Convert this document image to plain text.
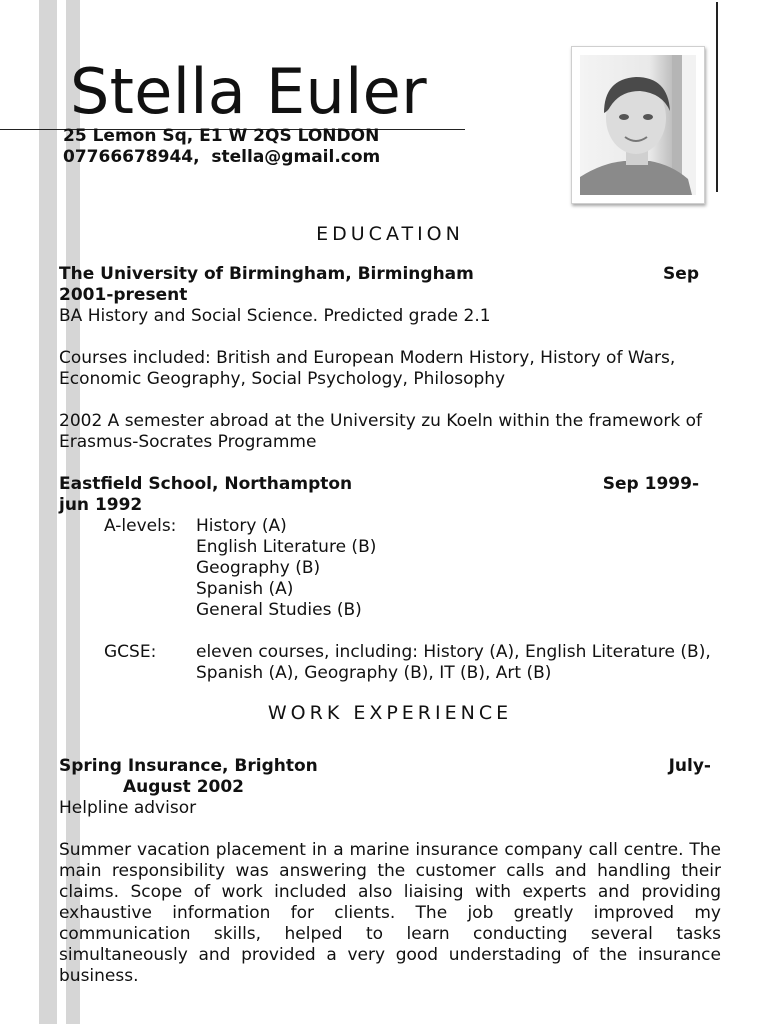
Stella Euler
25 Lemon Sq, E1 W 2QS LONDON
07766678944,  stella@gmail.com
EDUCATION
The University of Birmingham, Birmingham	Sep
2001-present
BA History and Social Science. Predicted grade 2.1
Courses included: British and European Modern History, History of Wars, Economic Geography, Social Psychology, Philosophy
2002 A semester abroad at the University zu Koeln within the framework of Erasmus-Socrates Programme
Eastfield School, Northampton	Sep 1999-
jun 1992
A-levels:	History (A)
English Literature (B)
Geography (B)
Spanish (A)
General Studies (B)
GCSE:	eleven courses, including: History (A), English Literature (B), Spanish (A), Geography (B), IT (B), Art (B)
WORK EXPERIENCE
Spring Insurance, Brighton	July-
August 2002
Helpline advisor
Summer vacation placement in a marine insurance company call centre. The main responsibility was answering the customer calls and handling their claims. Scope of work included also liaising with experts and providing exhaustive information for clients. The job greatly improved my communication skills, helped to learn conducting several tasks simultaneously and provided a very good understading of the insurance business.
